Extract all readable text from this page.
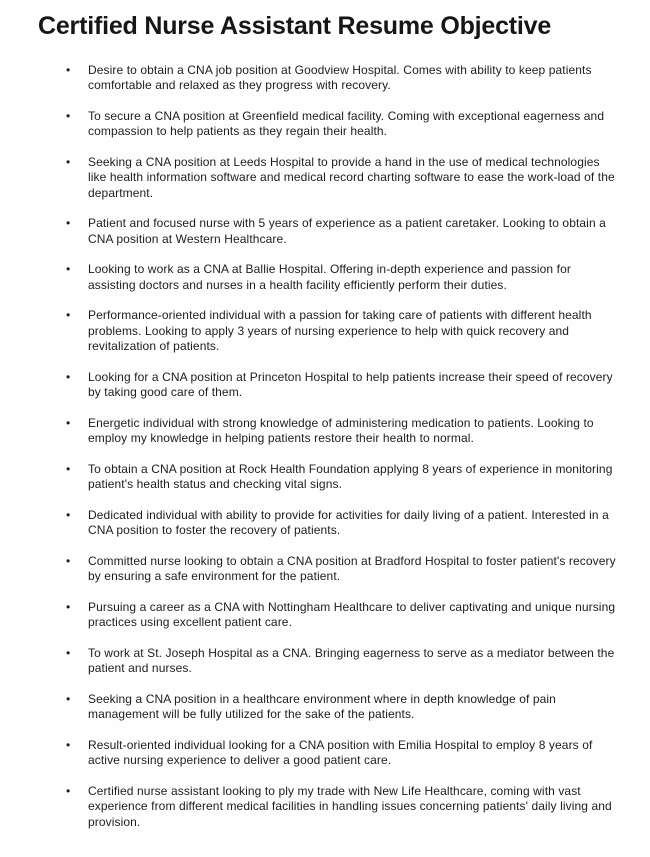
Certified Nurse Assistant Resume Objective
• Desire to obtain a CNA job position at Goodview Hospital. Comes with ability to keep patients comfortable and relaxed as they progress with recovery.
• To secure a CNA position at Greenfield medical facility. Coming with exceptional eagerness and compassion to help patients as they regain their health.
• Seeking a CNA position at Leeds Hospital to provide a hand in the use of medical technologies like health information software and medical record charting software to ease the work-load of the department.
• Patient and focused nurse with 5 years of experience as a patient caretaker. Looking to obtain a CNA position at Western Healthcare.
• Looking to work as a CNA at Ballie Hospital. Offering in-depth experience and passion for assisting doctors and nurses in a health facility efficiently perform their duties.
• Performance-oriented individual with a passion for taking care of patients with different health problems. Looking to apply 3 years of nursing experience to help with quick recovery and revitalization of patients.
• Looking for a CNA position at Princeton Hospital to help patients increase their speed of recovery by taking good care of them.
• Energetic individual with strong knowledge of administering medication to patients. Looking to employ my knowledge in helping patients restore their health to normal.
• To obtain a CNA position at Rock Health Foundation applying 8 years of experience in monitoring patient's health status and checking vital signs.
• Dedicated individual with ability to provide for activities for daily living of a patient. Interested in a CNA position to foster the recovery of patients.
• Committed nurse looking to obtain a CNA position at Bradford Hospital to foster patient's recovery by ensuring a safe environment for the patient.
• Pursuing a career as a CNA with Nottingham Healthcare to deliver captivating and unique nursing practices using excellent patient care.
• To work at St. Joseph Hospital as a CNA. Bringing eagerness to serve as a mediator between the patient and nurses.
• Seeking a CNA position in a healthcare environment where in depth knowledge of pain management will be fully utilized for the sake of the patients.
• Result-oriented individual looking for a CNA position with Emilia Hospital to employ 8 years of active nursing experience to deliver a good patient care.
• Certified nurse assistant looking to ply my trade with New Life Healthcare, coming with vast experience from different medical facilities in handling issues concerning patients' daily living and provision.
